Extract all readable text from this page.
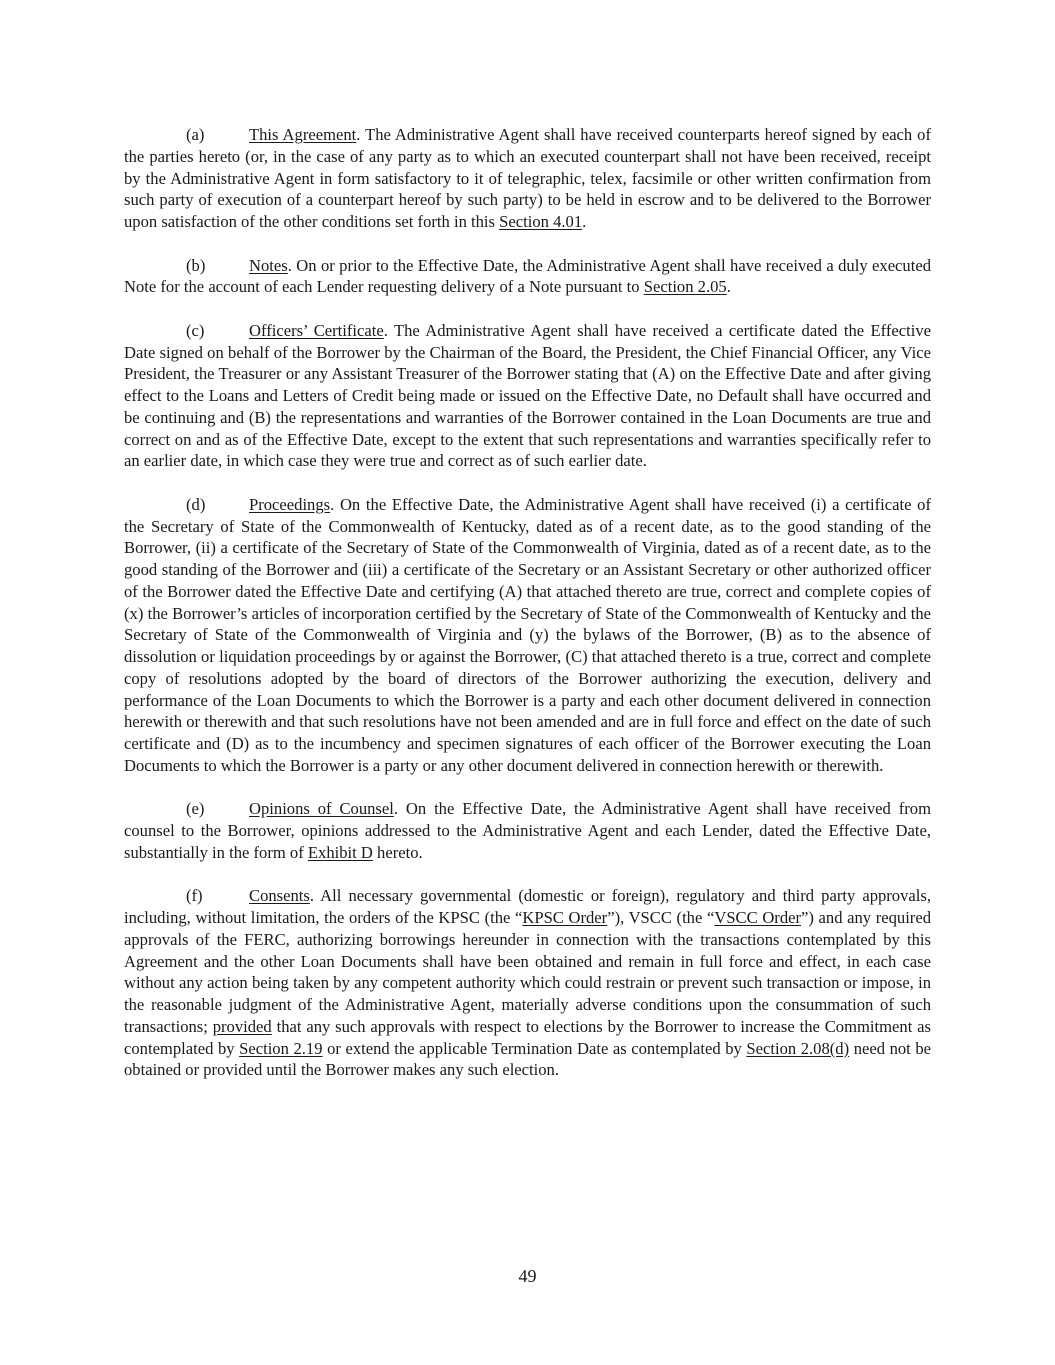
(a)	This Agreement. The Administrative Agent shall have received counterparts hereof signed by each of the parties hereto (or, in the case of any party as to which an executed counterpart shall not have been received, receipt by the Administrative Agent in form satisfactory to it of telegraphic, telex, facsimile or other written confirmation from such party of execution of a counterpart hereof by such party) to be held in escrow and to be delivered to the Borrower upon satisfaction of the other conditions set forth in this Section 4.01.

(b)	Notes. On or prior to the Effective Date, the Administrative Agent shall have received a duly executed Note for the account of each Lender requesting delivery of a Note pursuant to Section 2.05.

(c)	Officers’ Certificate. The Administrative Agent shall have received a certificate dated the Effective Date signed on behalf of the Borrower by the Chairman of the Board, the President, the Chief Financial Officer, any Vice President, the Treasurer or any Assistant Treasurer of the Borrower stating that (A) on the Effective Date and after giving effect to the Loans and Letters of Credit being made or issued on the Effective Date, no Default shall have occurred and be continuing and (B) the representations and warranties of the Borrower contained in the Loan Documents are true and correct on and as of the Effective Date, except to the extent that such representations and warranties specifically refer to an earlier date, in which case they were true and correct as of such earlier date.

(d)	Proceedings. On the Effective Date, the Administrative Agent shall have received (i) a certificate of the Secretary of State of the Commonwealth of Kentucky, dated as of a recent date, as to the good standing of the Borrower, (ii) a certificate of the Secretary of State of the Commonwealth of Virginia, dated as of a recent date, as to the good standing of the Borrower and (iii) a certificate of the Secretary or an Assistant Secretary or other authorized officer of the Borrower dated the Effective Date and certifying (A) that attached thereto are true, correct and complete copies of (x) the Borrower’s articles of incorporation certified by the Secretary of State of the Commonwealth of Kentucky and the Secretary of State of the Commonwealth of Virginia and (y) the bylaws of the Borrower, (B) as to the absence of dissolution or liquidation proceedings by or against the Borrower, (C) that attached thereto is a true, correct and complete copy of resolutions adopted by the board of directors of the Borrower authorizing the execution, delivery and performance of the Loan Documents to which the Borrower is a party and each other document delivered in connection herewith or therewith and that such resolutions have not been amended and are in full force and effect on the date of such certificate and (D) as to the incumbency and specimen signatures of each officer of the Borrower executing the Loan Documents to which the Borrower is a party or any other document delivered in connection herewith or therewith.

(e)	Opinions of Counsel. On the Effective Date, the Administrative Agent shall have received from counsel to the Borrower, opinions addressed to the Administrative Agent and each Lender, dated the Effective Date, substantially in the form of Exhibit D hereto.

(f)	Consents. All necessary governmental (domestic or foreign), regulatory and third party approvals, including, without limitation, the orders of the KPSC (the “KPSC Order”), VSCC (the “VSCC Order”) and any required approvals of the FERC, authorizing borrowings hereunder in connection with the transactions contemplated by this Agreement and the other Loan Documents shall have been obtained and remain in full force and effect, in each case without any action being taken by any competent authority which could restrain or prevent such transaction or impose, in the reasonable judgment of the Administrative Agent, materially adverse conditions upon the consummation of such transactions; provided that any such approvals with respect to elections by the Borrower to increase the Commitment as contemplated by Section 2.19 or extend the applicable Termination Date as contemplated by Section 2.08(d) need not be obtained or provided until the Borrower makes any such election.

49
